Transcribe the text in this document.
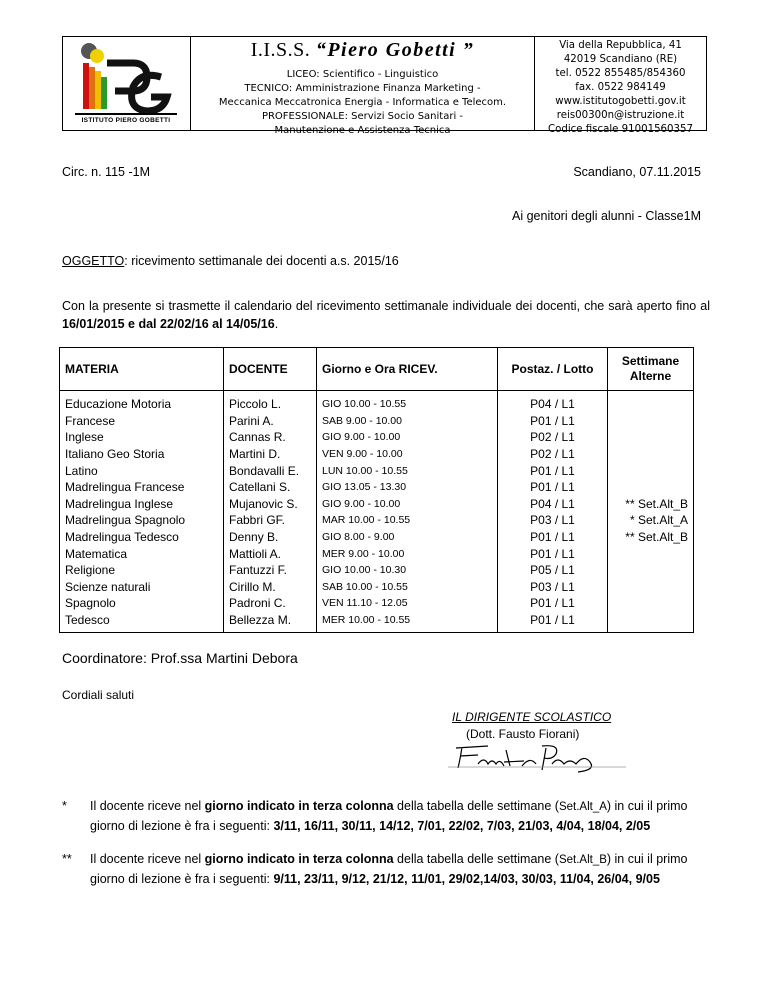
ISTITUTO PIERO GOBETTI
I.I.S.S. “Piero Gobetti ”
LICEO: Scientifico - Linguistico
TECNICO: Amministrazione Finanza Marketing -
Meccanica Meccatronica Energia - Informatica e Telecom.
PROFESSIONALE: Servizi Socio Sanitari -
Manutenzione e Assistenza Tecnica
Via della Repubblica, 41
42019 Scandiano (RE)
tel. 0522 855485/854360
fax. 0522 984149
www.istitutogobetti.gov.it
reis00300n@istruzione.it
Codice fiscale 91001560357
Circ. n. 115 -1M	Scandiano, 07.11.2015
Ai genitori degli alunni - Classe1M
OGGETTO: ricevimento settimanale dei docenti a.s. 2015/16
Con la presente si trasmette il calendario del ricevimento settimanale individuale dei docenti, che sarà aperto fino al 16/01/2015 e dal 22/02/16 al 14/05/16.
MATERIA	DOCENTE	Giorno e Ora RICEV.	Postaz. / Lotto	Settimane Alterne
Educazione Motoria	Piccolo L.	GIO 10.00 - 10.55	P04 / L1	
Francese	Parini A.	SAB 9.00 - 10.00	P01 / L1	
Inglese	Cannas R.	GIO 9.00 - 10.00	P02 / L1	
Italiano Geo Storia	Martini D.	VEN 9.00 - 10.00	P02 / L1	
Latino	Bondavalli E.	LUN 10.00 - 10.55	P01 / L1	
Madrelingua Francese	Catellani S.	GIO 13.05 - 13.30	P01 / L1	
Madrelingua Inglese	Mujanovic S.	GIO 9.00 - 10.00	P04 / L1	** Set.Alt_B
Madrelingua Spagnolo	Fabbri GF.	MAR 10.00 - 10.55	P03 / L1	* Set.Alt_A
Madrelingua Tedesco	Denny B.	GIO 8.00 - 9.00	P01 / L1	** Set.Alt_B
Matematica	Mattioli A.	MER 9.00 - 10.00	P01 / L1	
Religione	Fantuzzi F.	GIO 10.00 - 10.30	P05 / L1	
Scienze naturali	Cirillo M.	SAB 10.00 - 10.55	P03 / L1	
Spagnolo	Padroni C.	VEN 11.10 - 12.05	P01 / L1	
Tedesco	Bellezza M.	MER 10.00 - 10.55	P01 / L1	
Coordinatore: Prof.ssa Martini Debora
Cordiali saluti
IL DIRIGENTE SCOLASTICO
(Dott. Fausto Fiorani)
* Il docente riceve nel giorno indicato in terza colonna della tabella delle settimane (Set.Alt_A) in cui il primo giorno di lezione è fra i seguenti: 3/11, 16/11, 30/11, 14/12, 7/01, 22/02, 7/03, 21/03, 4/04, 18/04, 2/05
** Il docente riceve nel giorno indicato in terza colonna della tabella delle settimane (Set.Alt_B) in cui il primo giorno di lezione è fra i seguenti: 9/11, 23/11, 9/12, 21/12, 11/01, 29/02,14/03, 30/03, 11/04, 26/04, 9/05
